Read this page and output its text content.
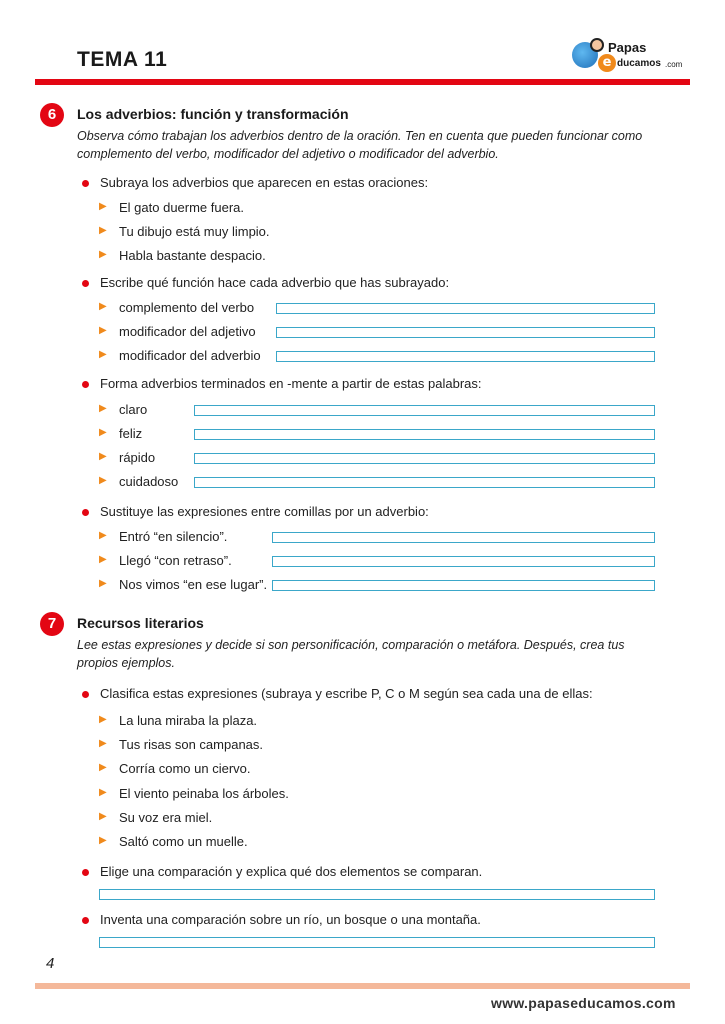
TEMA 11	e
Papas
ducamos .com
6	Los adverbios: función y transformación
Observa cómo trabajan los adverbios dentro de la oración. Ten en cuenta que pueden funcionar como complemento del verbo, modificador del adjetivo o modificador del adverbio.
Subraya los adverbios que aparecen en estas oraciones:
▶ El gato duerme fuera.
▶ Tu dibujo está muy limpio.
▶ Habla bastante despacio.
Escribe qué función hace cada adverbio que has subrayado:
▶ complemento del verbo
▶ modificador del adjetivo
▶ modificador del adverbio
Forma adverbios terminados en -mente a partir de estas palabras:
▶ claro
▶ feliz
▶ rápido
▶ cuidadoso
Sustituye las expresiones entre comillas por un adverbio:
▶ Entró “en silencio”.
▶ Llegó “con retraso”.
▶ Nos vimos “en ese lugar”.
7	Recursos literarios
Lee estas expresiones y decide si son personificación, comparación o metáfora. Después, crea tus propios ejemplos.
Clasifica estas expresiones (subraya y escribe P, C o M según sea cada una de ellas:
▶ La luna miraba la plaza.
▶ Tus risas son campanas.
▶ Corría como un ciervo.
▶ El viento peinaba los árboles.
▶ Su voz era miel.
▶ Saltó como un muelle.
Elige una comparación y explica qué dos elementos se comparan.
Inventa una comparación sobre un río, un bosque o una montaña.
4
www.papaseducamos.com
